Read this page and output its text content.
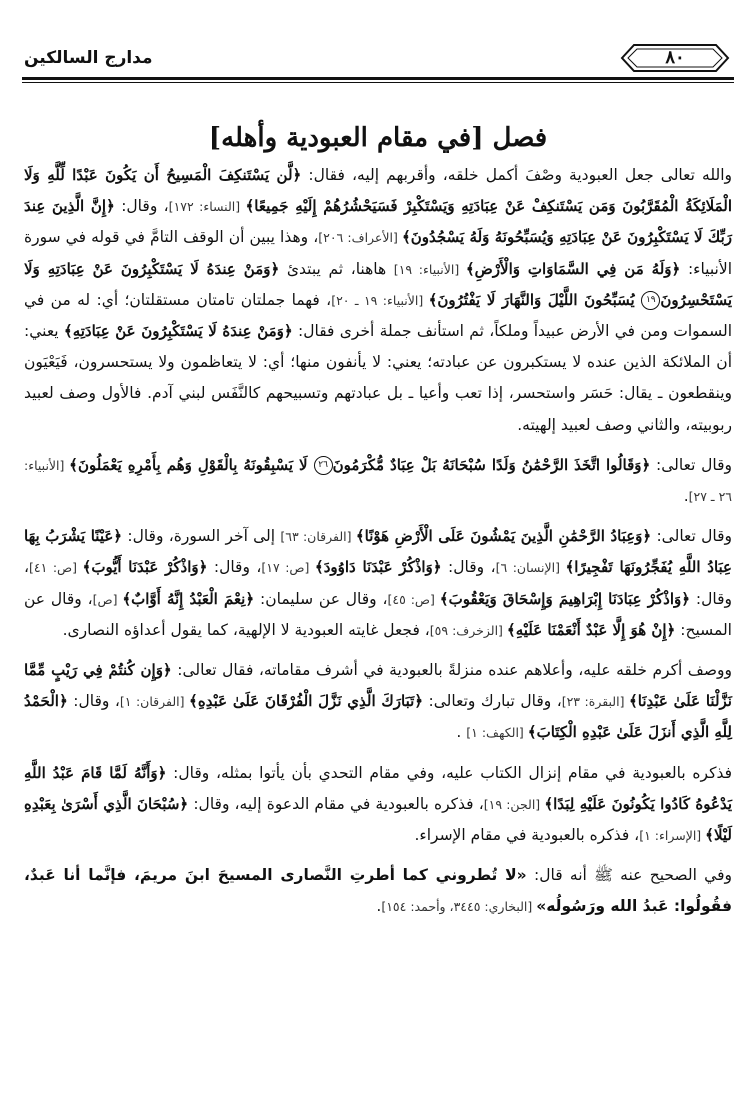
مدارج السالكين	٨٠
فصل [في مقام العبودية وأهله]

والله تعالى جعل العبودية وصْفَ أكمل خلقه، وأقربهم إليه، فقال: ﴿لَّن يَسْتَنكِفَ الْمَسِيحُ أَن يَكُونَ عَبْدًا لِّلَّهِ وَلَا الْمَلَائِكَةُ الْمُقَرَّبُونَ وَمَن يَسْتَنكِفْ عَنْ عِبَادَتِهِ وَيَسْتَكْبِرْ فَسَيَحْشُرُهُمْ إِلَيْهِ جَمِيعًا﴾ [النساء: ١٧٢]، وقال: ﴿إِنَّ الَّذِينَ عِندَ رَبِّكَ لَا يَسْتَكْبِرُونَ عَنْ عِبَادَتِهِ وَيُسَبِّحُونَهُ وَلَهُ يَسْجُدُونَ﴾ [الأعراف: ٢٠٦]، وهذا يبين أن الوقف التامَّ في قوله في سورة الأنبياء: ﴿وَلَهُ مَن فِي السَّمَاوَاتِ وَالْأَرْضِ﴾ [الأنبياء: ١٩] هاهنا، ثم يبتدئ ﴿وَمَنْ عِندَهُ لَا يَسْتَكْبِرُونَ عَنْ عِبَادَتِهِ وَلَا يَسْتَحْسِرُونَ١٩ يُسَبِّحُونَ اللَّيْلَ وَالنَّهَارَ لَا يَفْتُرُونَ﴾ [الأنبياء: ١٩ ـ ٢٠]، فهما جملتان تامتان مستقلتان؛ أي: له من في السموات ومن في الأرض عبيداً وملكاً، ثم استأنف جملة أخرى فقال: ﴿وَمَنْ عِندَهُ لَا يَسْتَكْبِرُونَ عَنْ عِبَادَتِهِ﴾ يعني: أن الملائكة الذين عنده لا يستكبرون عن عبادته؛ يعني: لا يأنفون منها؛ أي: لا يتعاظمون ولا يستحسرون، فَيَعْيَون وينقطعون ـ يقال: حَسَر واستحسر، إذا تعب وأعيا ـ بل عبادتهم وتسبيحهم كالنَّفَس لبني آدم. فالأول وصف لعبيد ربوبيته، والثاني وصف لعبيد إلهيته.

وقال تعالى: ﴿وَقَالُوا اتَّخَذَ الرَّحْمَٰنُ وَلَدًا سُبْحَانَهُ بَلْ عِبَادٌ مُّكْرَمُونَ٢٦ لَا يَسْبِقُونَهُ بِالْقَوْلِ وَهُم بِأَمْرِهِ يَعْمَلُونَ﴾ [الأنبياء: ٢٦ ـ ٢٧].

وقال تعالى: ﴿وَعِبَادُ الرَّحْمَٰنِ الَّذِينَ يَمْشُونَ عَلَى الْأَرْضِ هَوْنًا﴾ [الفرقان: ٦٣] إلى آخر السورة، وقال: ﴿عَيْنًا يَشْرَبُ بِهَا عِبَادُ اللَّهِ يُفَجِّرُونَهَا تَفْجِيرًا﴾ [الإنسان: ٦]، وقال: ﴿وَاذْكُرْ عَبْدَنَا دَاوُودَ﴾ [ص: ١٧]، وقال: ﴿وَاذْكُرْ عَبْدَنَا أَيُّوبَ﴾ [ص: ٤١]، وقال: ﴿وَاذْكُرْ عِبَادَنَا إِبْرَاهِيمَ وَإِسْحَاقَ وَيَعْقُوبَ﴾ [ص: ٤٥]، وقال عن سليمان: ﴿نِعْمَ الْعَبْدُ إِنَّهُ أَوَّابٌ﴾ [ص]، وقال عن المسيح: ﴿إِنْ هُوَ إِلَّا عَبْدٌ أَنْعَمْنَا عَلَيْهِ﴾ [الزخرف: ٥٩]، فجعل غايته العبودية لا الإلهية، كما يقول أعداؤه النصارى.

ووصف أكرم خلقه عليه، وأعلاهم عنده منزلةً بالعبودية في أشرف مقاماته، فقال تعالى: ﴿وَإِن كُنتُمْ فِي رَيْبٍ مِّمَّا نَزَّلْنَا عَلَىٰ عَبْدِنَا﴾ [البقرة: ٢٣]، وقال تبارك وتعالى: ﴿تَبَارَكَ الَّذِي نَزَّلَ الْفُرْقَانَ عَلَىٰ عَبْدِهِ﴾ [الفرقان: ١]، وقال: ﴿الْحَمْدُ لِلَّهِ الَّذِي أَنزَلَ عَلَىٰ عَبْدِهِ الْكِتَابَ﴾ [الكهف: ١] .

فذكره بالعبودية في مقام إنزال الكتاب عليه، وفي مقام التحدي بأن يأتوا بمثله، وقال: ﴿وَأَنَّهُ لَمَّا قَامَ عَبْدُ اللَّهِ يَدْعُوهُ كَادُوا يَكُونُونَ عَلَيْهِ لِبَدًا﴾ [الجن: ١٩]، فذكره بالعبودية في مقام الدعوة إليه، وقال: ﴿سُبْحَانَ الَّذِي أَسْرَىٰ بِعَبْدِهِ لَيْلًا﴾ [الإسراء: ١]، فذكره بالعبودية في مقام الإسراء.

وفي الصحيح عنه ﷺ أنه قال: «لا تُطروني كما أطرتِ النَّصارى المسيحَ ابنَ مريمَ، فإنَّما أنا عَبدٌ، فقُولُوا: عَبدُ الله ورَسُولُه» [البخاري: ٣٤٤٥، وأحمد: ١٥٤].
